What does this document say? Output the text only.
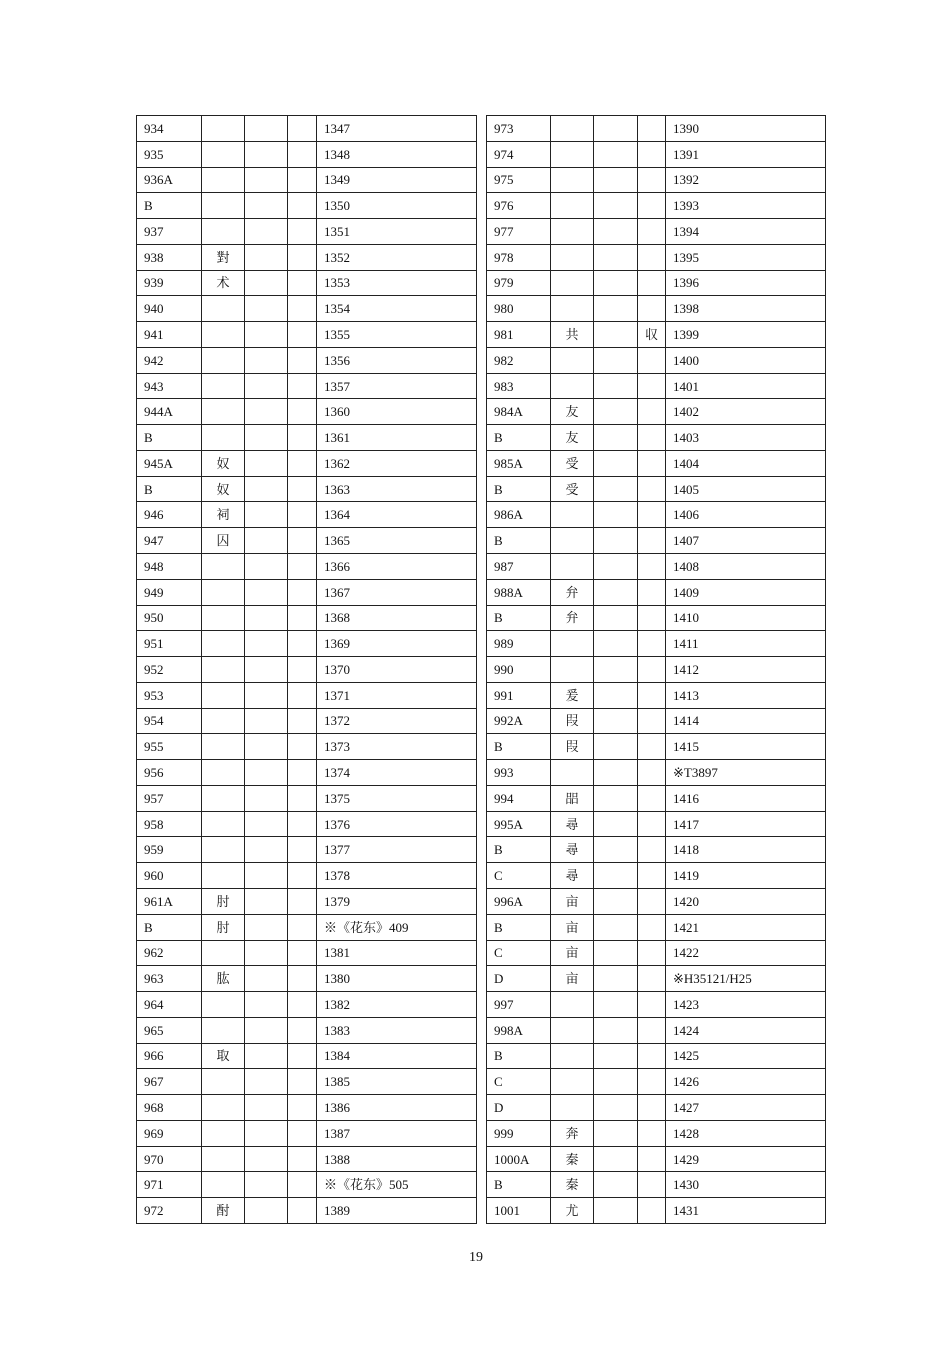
934				1347
935				1348
936A				1349
B				1350
937				1351
938	對			1352
939	术			1353
940				1354
941				1355
942				1356
943				1357
944A				1360
B				1361
945A	奴			1362
B	奴			1363
946	祠			1364
947	囚			1365
948				1366
949				1367
950				1368
951				1369
952				1370
953				1371
954				1372
955				1373
956				1374
957				1375
958				1376
959				1377
960				1378
961A	肘			1379
B	肘			※《花东》409
962				1381
963	肱			1380
964				1382
965				1383
966	取			1384
967				1385
968				1386
969				1387
970				1388
971				※《花东》505
972	酎			1389
973				1390
974				1391
975				1392
976				1393
977				1394
978				1395
979				1396
980				1398
981	共		収	1399
982				1400
983				1401
984A	友			1402
B	友			1403
985A	受			1404
B	受			1405
986A				1406
B				1407
987				1408
988A	弁			1409
B	弁			1410
989				1411
990				1412
991	爰			1413
992A	叚			1414
B	叚			1415
993				※T3897
994	㗊			1416
995A	尋			1417
B	尋			1418
C	尋			1419
996A	亩			1420
B	亩			1421
C	亩			1422
D	亩			※H35121/H25
997				1423
998A				1424
B				1425
C				1426
D				1427
999	奔			1428
1000A	秦			1429
B	秦			1430
1001	尤			1431
19
